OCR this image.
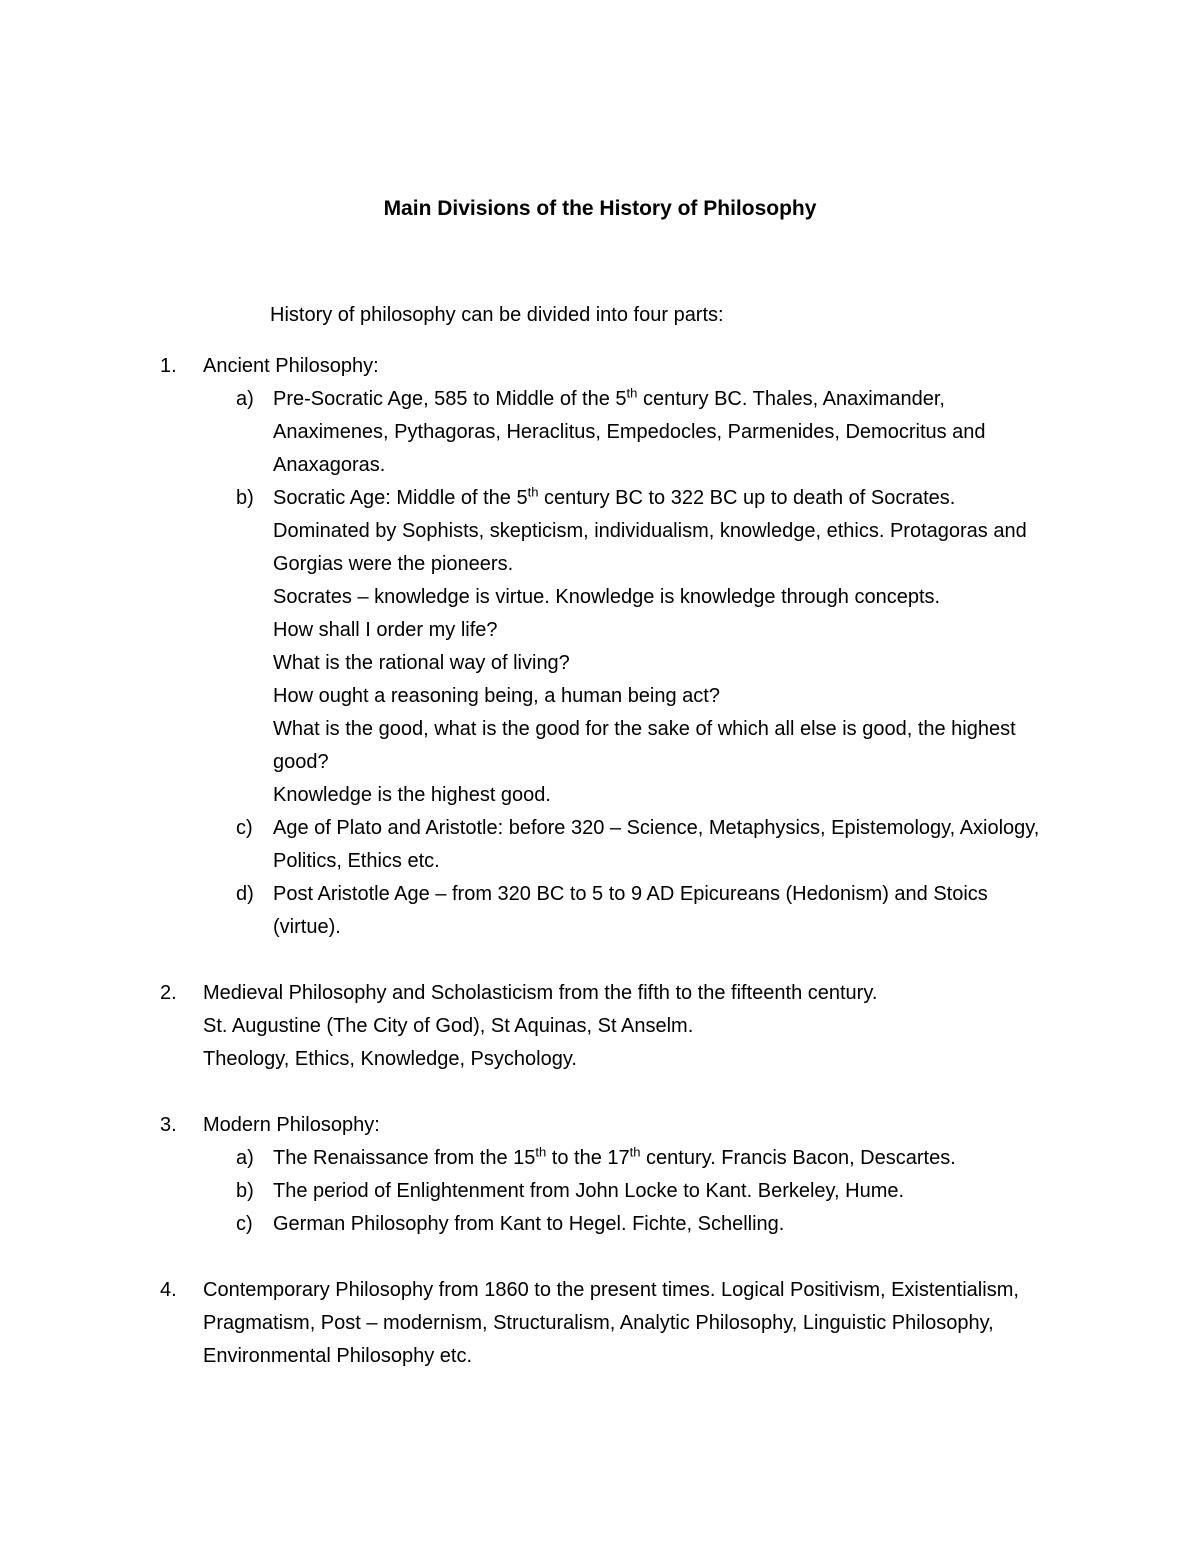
Main Divisions of the History of Philosophy
History of philosophy can be divided into four parts:
1. Ancient Philosophy:
a) Pre-Socratic Age, 585 to Middle of the 5th century BC. Thales, Anaximander, Anaximenes, Pythagoras, Heraclitus, Empedocles, Parmenides, Democritus and Anaxagoras.
b) Socratic Age: Middle of the 5th century BC to 322 BC up to death of Socrates. Dominated by Sophists, skepticism, individualism, knowledge, ethics. Protagoras and Gorgias were the pioneers.
Socrates – knowledge is virtue. Knowledge is knowledge through concepts.
How shall I order my life?
What is the rational way of living?
How ought a reasoning being, a human being act?
What is the good, what is the good for the sake of which all else is good, the highest good?
Knowledge is the highest good.
c) Age of Plato and Aristotle: before 320 – Science, Metaphysics, Epistemology, Axiology, Politics, Ethics etc.
d) Post Aristotle Age – from 320 BC to 5 to 9 AD Epicureans (Hedonism) and Stoics (virtue).
2. Medieval Philosophy and Scholasticism from the fifth to the fifteenth century.
St. Augustine (The City of God), St Aquinas, St Anselm.
Theology, Ethics, Knowledge, Psychology.
3. Modern Philosophy:
a) The Renaissance from the 15th to the 17th century. Francis Bacon, Descartes.
b) The period of Enlightenment from John Locke to Kant. Berkeley, Hume.
c) German Philosophy from Kant to Hegel. Fichte, Schelling.
4. Contemporary Philosophy from 1860 to the present times. Logical Positivism, Existentialism, Pragmatism, Post – modernism, Structuralism, Analytic Philosophy, Linguistic Philosophy, Environmental Philosophy etc.
